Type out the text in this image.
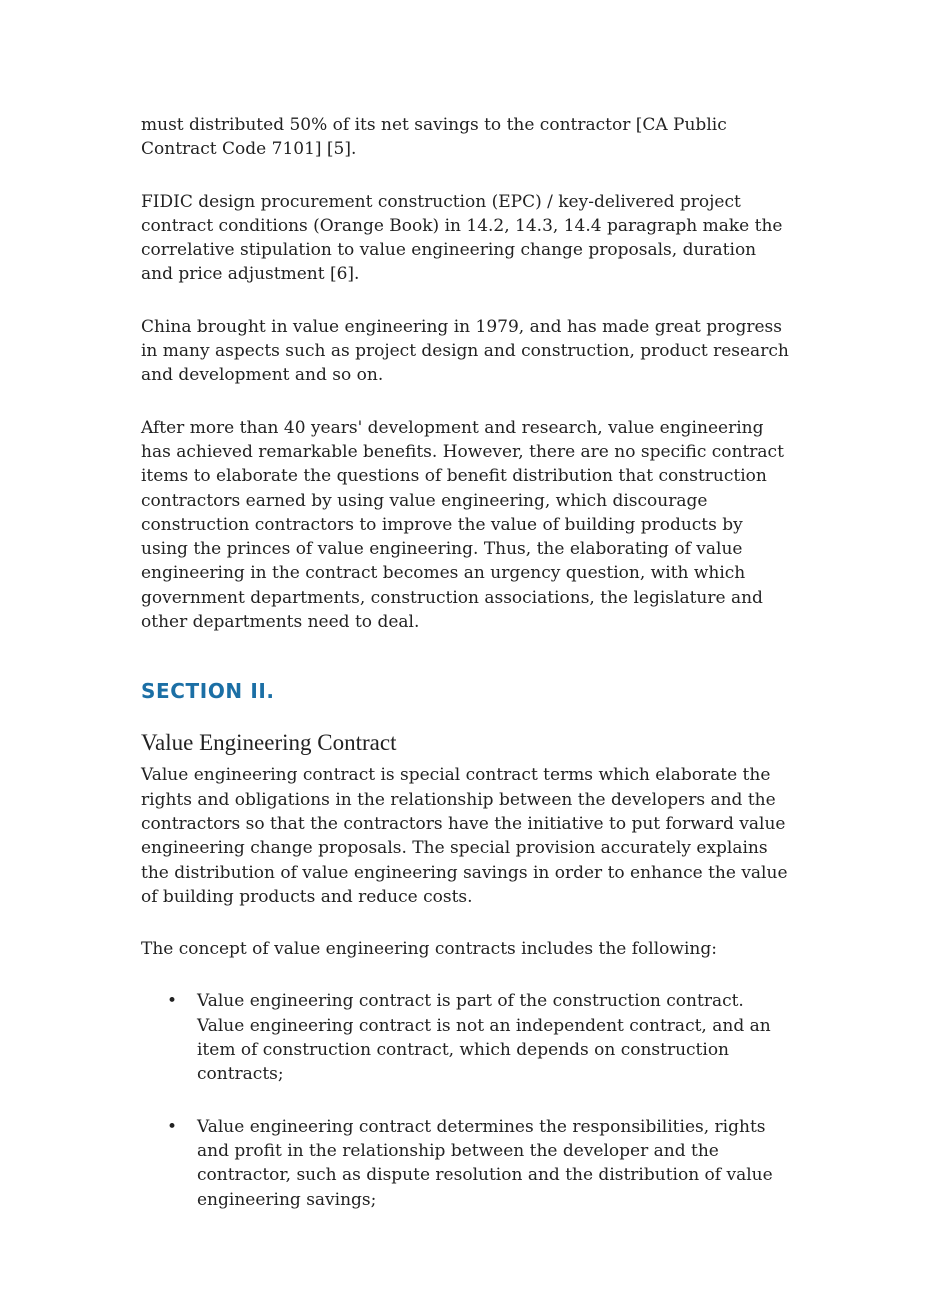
must distributed 50% of its net savings to the contractor [CA Public Contract Code 7101] [5].

FIDIC design procurement construction (EPC) / key-delivered project contract conditions (Orange Book) in 14.2, 14.3, 14.4 paragraph make the correlative stipulation to value engineering change proposals, duration and price adjustment [6].

China brought in value engineering in 1979, and has made great progress in many aspects such as project design and construction, product research and development and so on.

After more than 40 years' development and research, value engineering has achieved remarkable benefits. However, there are no specific contract items to elaborate the questions of benefit distribution that construction contractors earned by using value engineering, which discourage construction contractors to improve the value of building products by using the princes of value engineering. Thus, the elaborating of value engineering in the contract becomes an urgency question, with which government departments, construction associations, the legislature and other departments need to deal.

SECTION II.
Value Engineering Contract

Value engineering contract is special contract terms which elaborate the rights and obligations in the relationship between the developers and the contractors so that the contractors have the initiative to put forward value engineering change proposals. The special provision accurately explains the distribution of value engineering savings in order to enhance the value of building products and reduce costs.

The concept of value engineering contracts includes the following:

• Value engineering contract is part of the construction contract. Value engineering contract is not an independent contract, and an item of construction contract, which depends on construction contracts;
• Value engineering contract determines the responsibilities, rights and profit in the relationship between the developer and the contractor, such as dispute resolution and the distribution of value engineering savings;
